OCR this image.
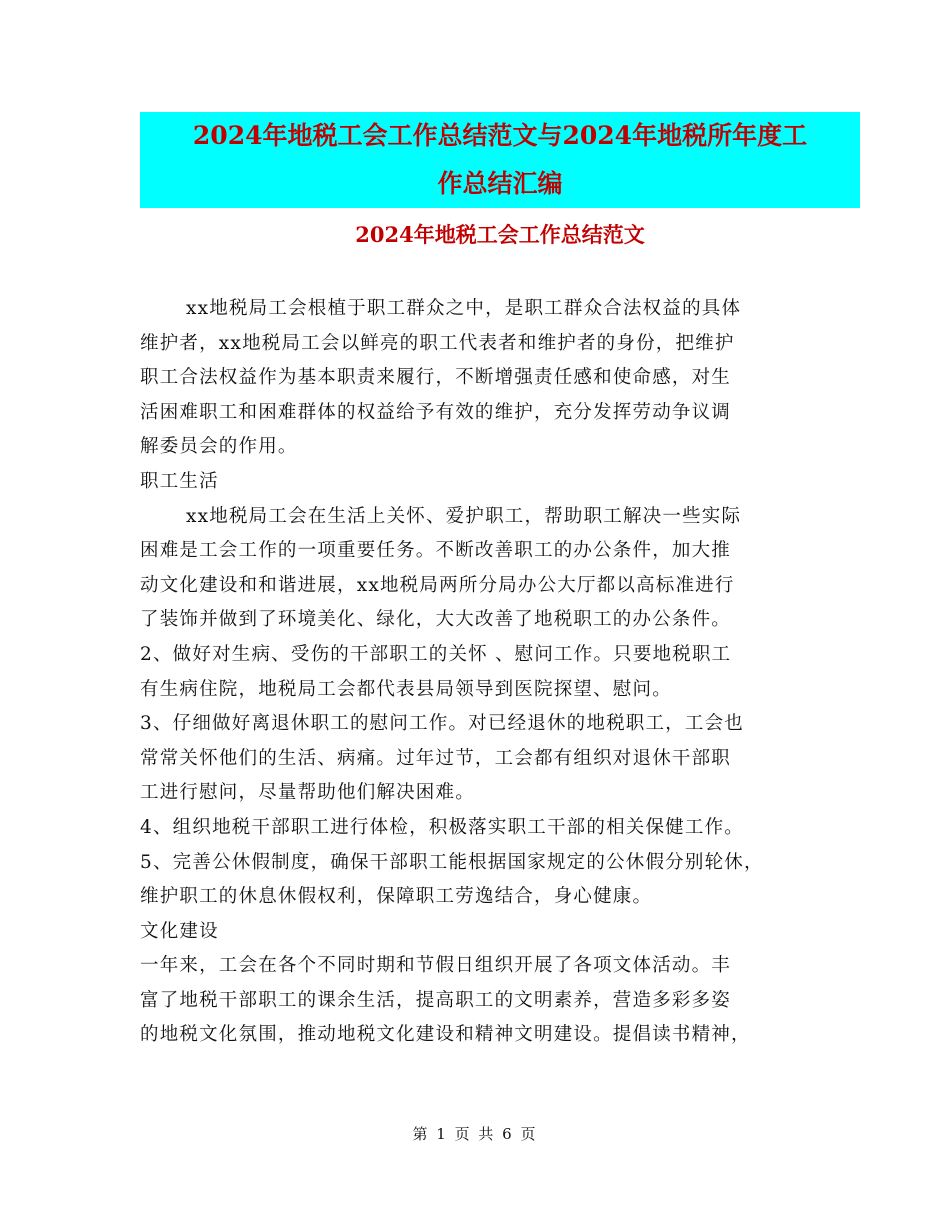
2024年地税工会工作总结范文与2024年地税所年度工
作总结汇编
2024年地税工会工作总结范文
xx地税局工会根植于职工群众之中，是职工群众合法权益的具体
维护者，xx地税局工会以鲜亮的职工代表者和维护者的身份，把维护
职工合法权益作为基本职责来履行，不断增强责任感和使命感，对生
活困难职工和困难群体的权益给予有效的维护，充分发挥劳动争议调
解委员会的作用。
职工生活
xx地税局工会在生活上关怀、爱护职工，帮助职工解决一些实际
困难是工会工作的一项重要任务。不断改善职工的办公条件，加大推
动文化建设和和谐进展，xx地税局两所分局办公大厅都以高标准进行
了装饰并做到了环境美化、绿化，大大改善了地税职工的办公条件。
2、做好对生病、受伤的干部职工的关怀 、慰问工作。只要地税职工
有生病住院，地税局工会都代表县局领导到医院探望、慰问。
3、仔细做好离退休职工的慰问工作。对已经退休的地税职工，工会也
常常关怀他们的生活、病痛。过年过节，工会都有组织对退休干部职
工进行慰问，尽量帮助他们解决困难。
4、组织地税干部职工进行体检，积极落实职工干部的相关保健工作。
5、完善公休假制度，确保干部职工能根据国家规定的公休假分别轮休，
维护职工的休息休假权利，保障职工劳逸结合，身心健康。
文化建设
一年来，工会在各个不同时期和节假日组织开展了各项文体活动。丰
富了地税干部职工的课余生活，提高职工的文明素养，营造多彩多姿
的地税文化氛围，推动地税文化建设和精神文明建设。提倡读书精神，
第 1 页 共 6 页
